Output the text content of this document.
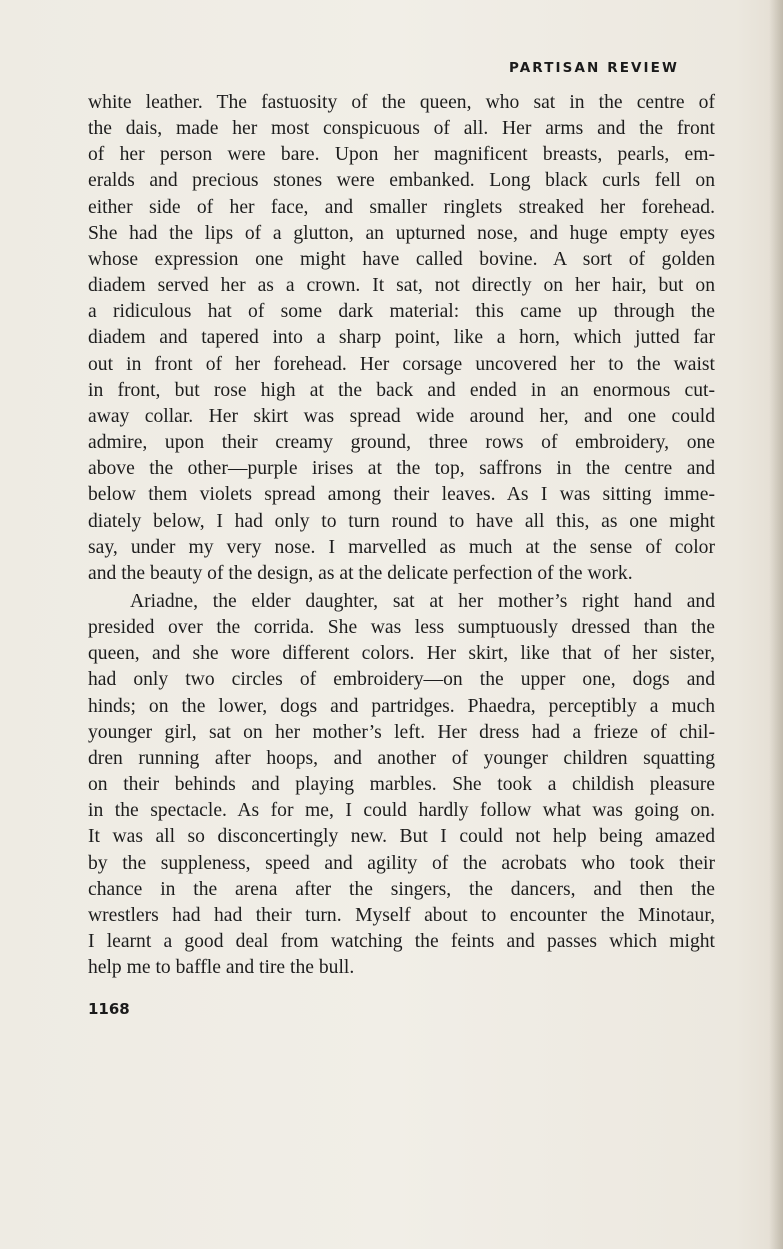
PARTISAN REVIEW

white leather. The fastuosity of the queen, who sat in the centre of
the dais, made her most conspicuous of all. Her arms and the front
of her person were bare. Upon her magnificent breasts, pearls, em-
eralds and precious stones were embanked. Long black curls fell on
either side of her face, and smaller ringlets streaked her forehead.
She had the lips of a glutton, an upturned nose, and huge empty eyes
whose expression one might have called bovine. A sort of golden
diadem served her as a crown. It sat, not directly on her hair, but on
a ridiculous hat of some dark material: this came up through the
diadem and tapered into a sharp point, like a horn, which jutted far
out in front of her forehead. Her corsage uncovered her to the waist
in front, but rose high at the back and ended in an enormous cut-
away collar. Her skirt was spread wide around her, and one could
admire, upon their creamy ground, three rows of embroidery, one
above the other—purple irises at the top, saffrons in the centre and
below them violets spread among their leaves. As I was sitting imme-
diately below, I had only to turn round to have all this, as one might
say, under my very nose. I marvelled as much at the sense of color
and the beauty of the design, as at the delicate perfection of the work.

Ariadne, the elder daughter, sat at her mother’s right hand and
presided over the corrida. She was less sumptuously dressed than the
queen, and she wore different colors. Her skirt, like that of her sister,
had only two circles of embroidery—on the upper one, dogs and
hinds; on the lower, dogs and partridges. Phaedra, perceptibly a much
younger girl, sat on her mother’s left. Her dress had a frieze of chil-
dren running after hoops, and another of younger children squatting
on their behinds and playing marbles. She took a childish pleasure
in the spectacle. As for me, I could hardly follow what was going on.
It was all so disconcertingly new. But I could not help being amazed
by the suppleness, speed and agility of the acrobats who took their
chance in the arena after the singers, the dancers, and then the
wrestlers had had their turn. Myself about to encounter the Minotaur,
I learnt a good deal from watching the feints and passes which might
help me to baffle and tire the bull.

1168
